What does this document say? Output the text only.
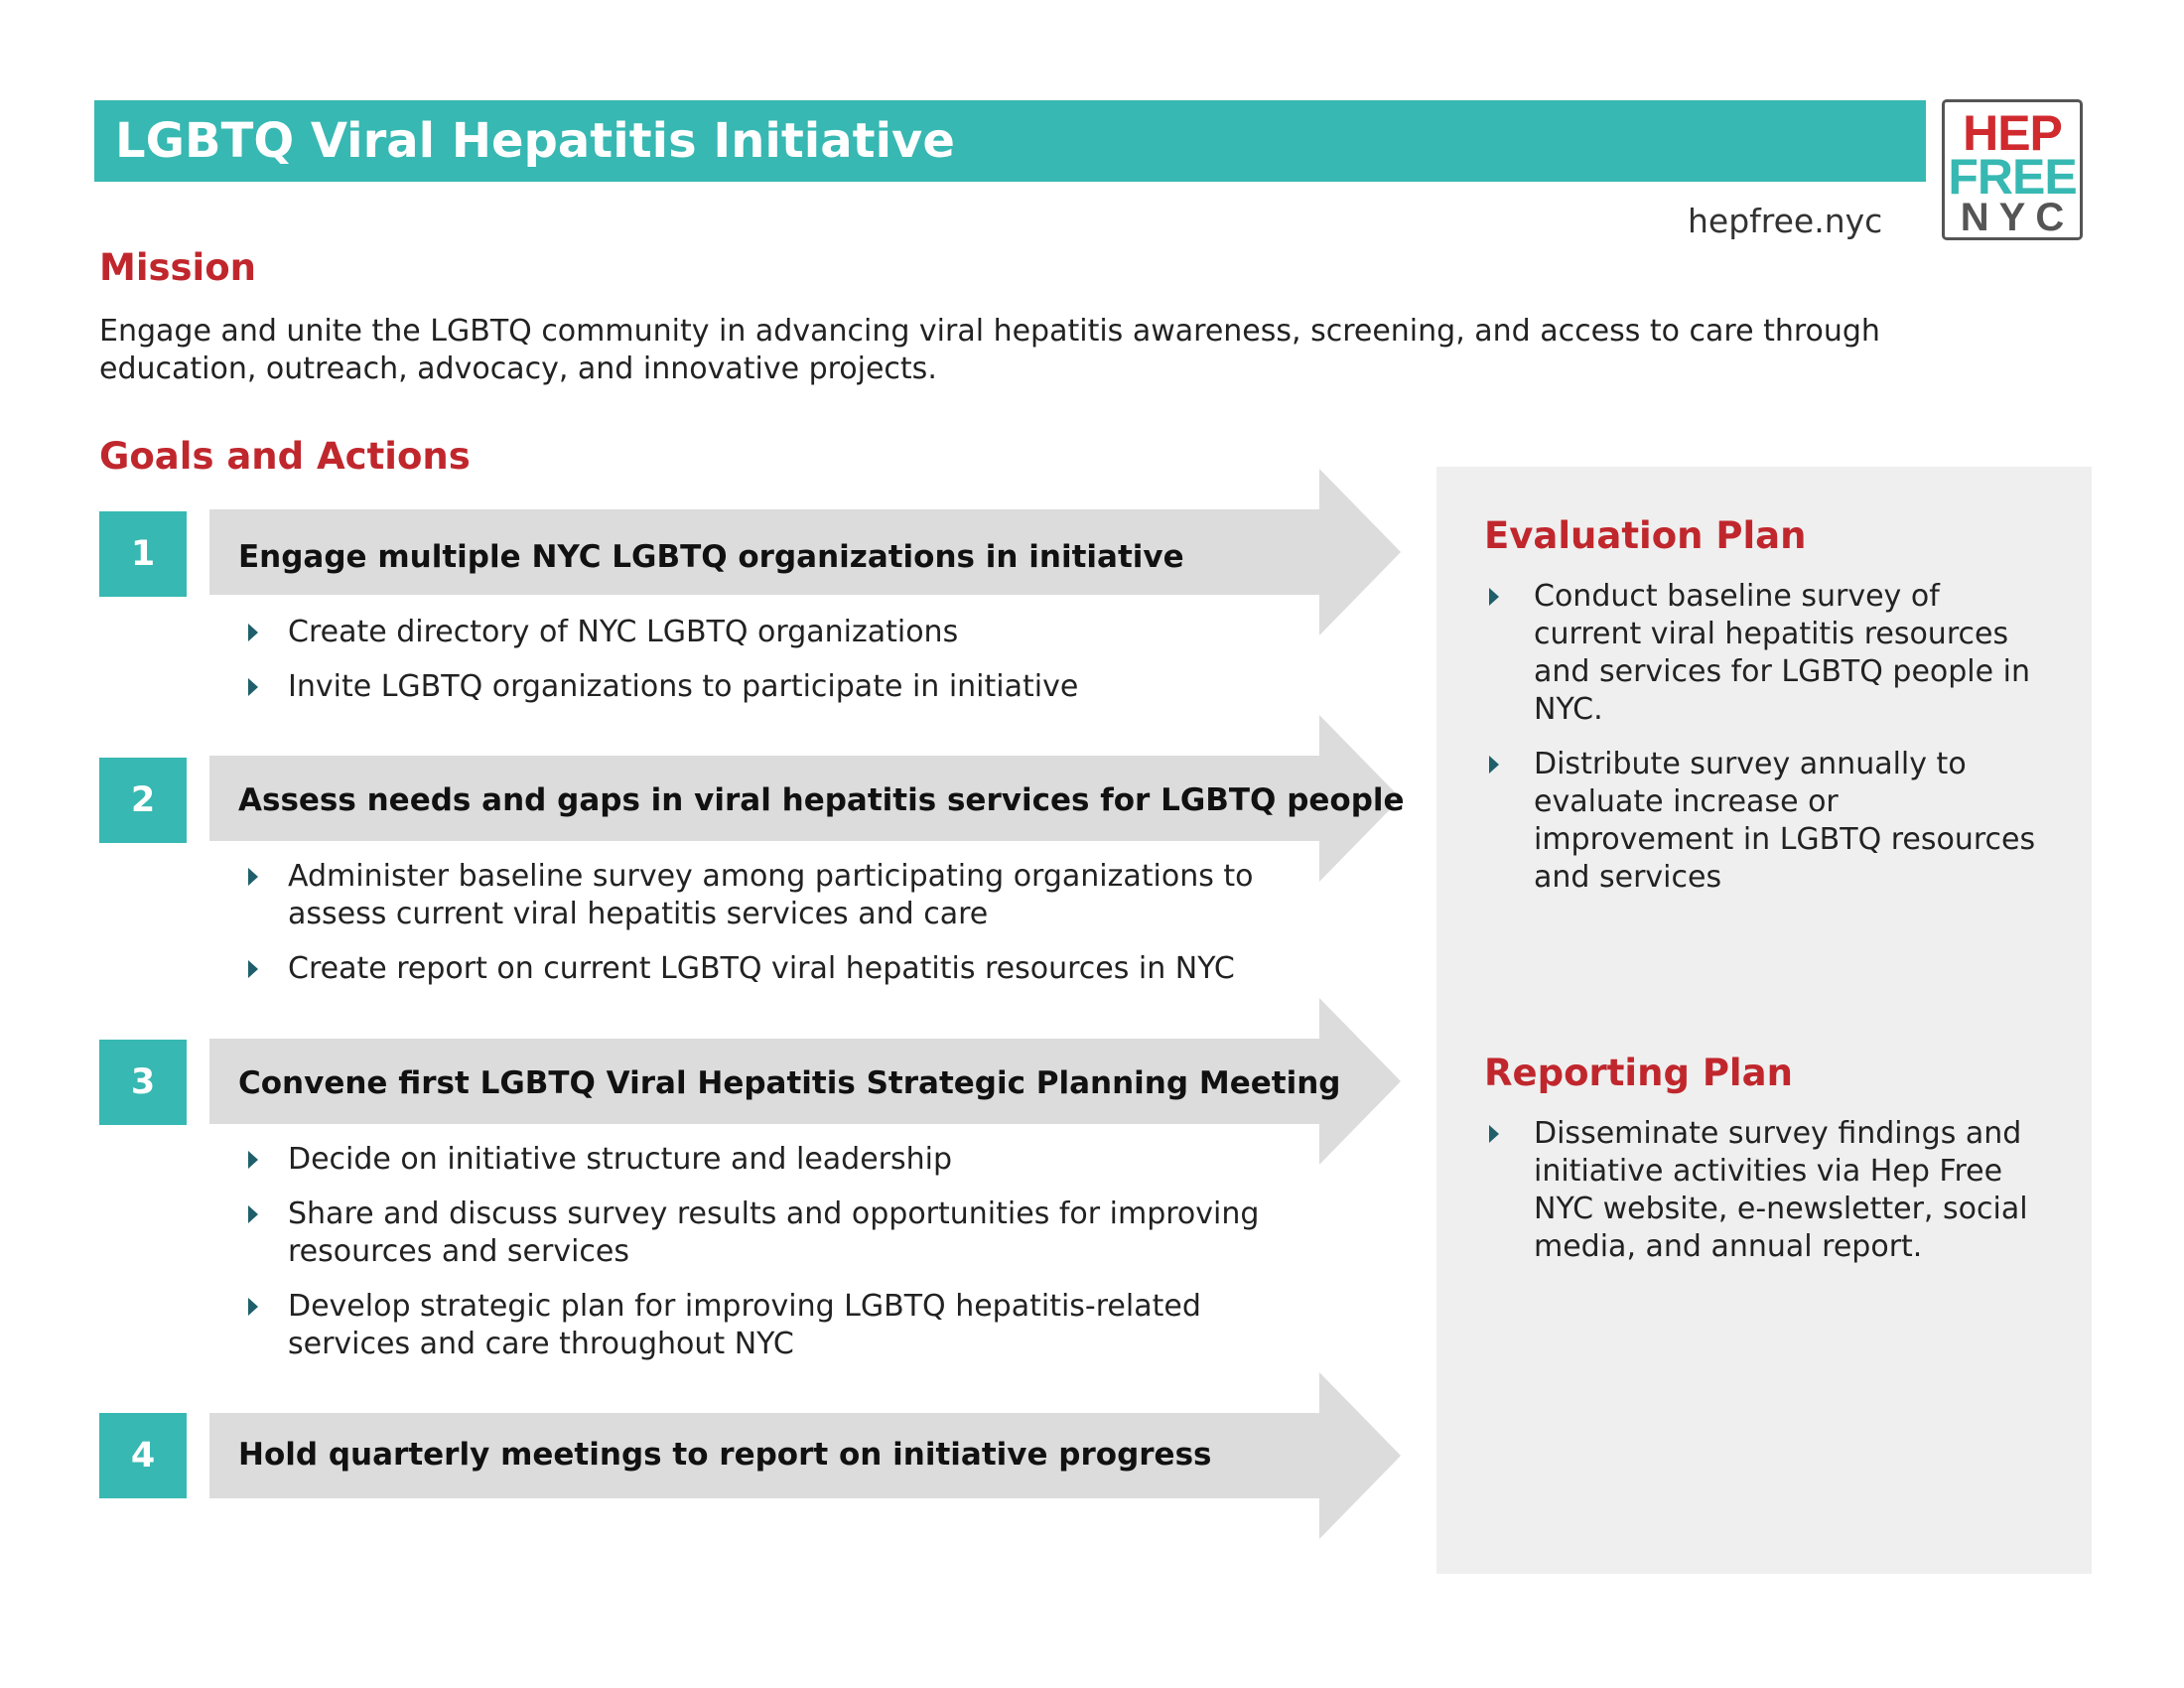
LGBTQ Viral Hepatitis Initiative
hepfree.nyc
HEP
FREE
NYC
Mission
Engage and unite the LGBTQ community in advancing viral hepatitis awareness, screening, and access to care through education, outreach, advocacy, and innovative projects.
Goals and Actions
1	Engage multiple NYC LGBTQ organizations in initiative
Create directory of NYC LGBTQ organizations
Invite LGBTQ organizations to participate in initiative
2	Assess needs and gaps in viral hepatitis services for LGBTQ people
Administer baseline survey among participating organizations to assess current viral hepatitis services and care
Create report on current LGBTQ viral hepatitis resources in NYC
3	Convene first LGBTQ Viral Hepatitis Strategic Planning Meeting
Decide on initiative structure and leadership
Share and discuss survey results and opportunities for improving resources and services
Develop strategic plan for improving LGBTQ hepatitis-related services and care throughout NYC
4	Hold quarterly meetings to report on initiative progress
Evaluation Plan
Conduct baseline survey of current viral hepatitis resources and services for LGBTQ people in NYC.
Distribute survey annually to evaluate increase or improvement in LGBTQ resources and services
Reporting Plan
Disseminate survey findings and initiative activities via Hep Free NYC website, e-newsletter, social media, and annual report.
